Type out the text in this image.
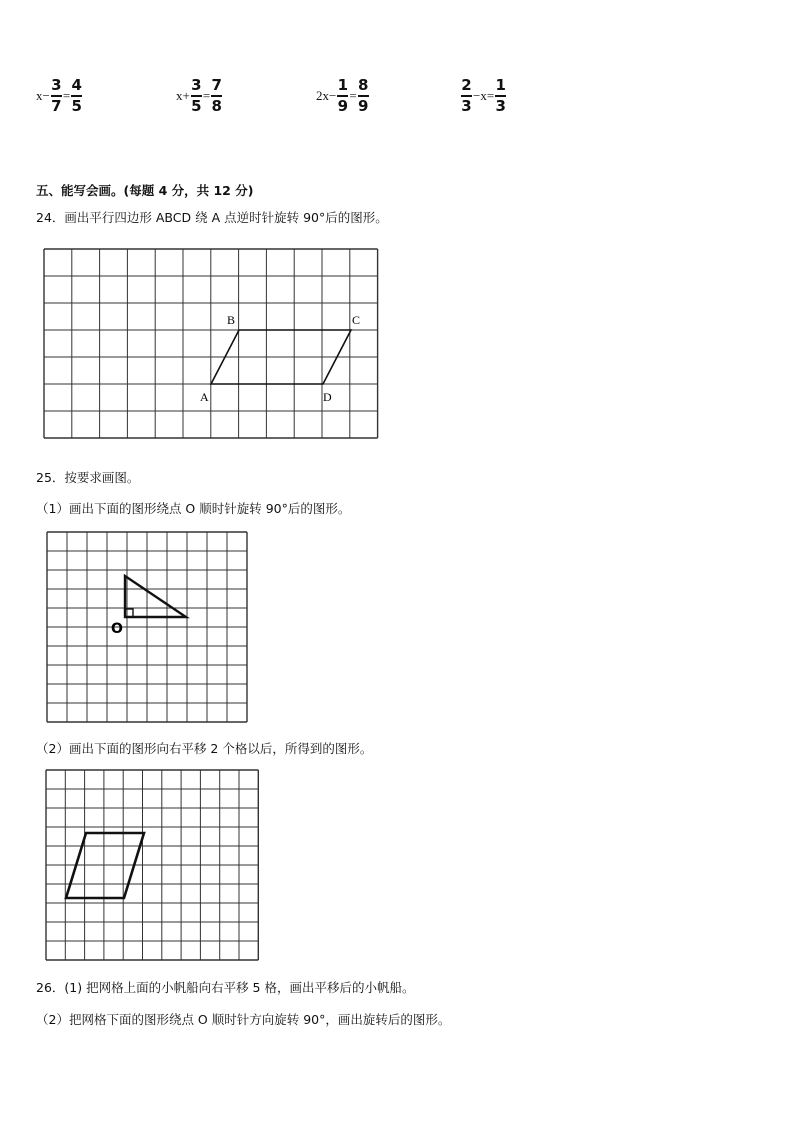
$x- \frac{3}{7} = \frac{4}{5}$	$x+ \frac{3}{5} = \frac{7}{8}$	$2x- \frac{1}{9} = \frac{8}{9}$	$\frac{2}{3} -x= \frac{1}{3}$
五、能写会画。(每题 4 分，共 12 分)
24．画出平行四边形 ABCD 绕 A 点逆时针旋转 90°后的图形。
A
B	C
D
25．按要求画图。
（1）画出下面的图形绕点 O 顺时针旋转 90°后的图形。
O
（2）画出下面的图形向右平移 2 个格以后，所得到的图形。
26．(1) 把网格上面的小帆船向右平移 5 格，画出平移后的小帆船。
（2）把网格下面的图形绕点 O 顺时针方向旋转 90°，画出旋转后的图形。
